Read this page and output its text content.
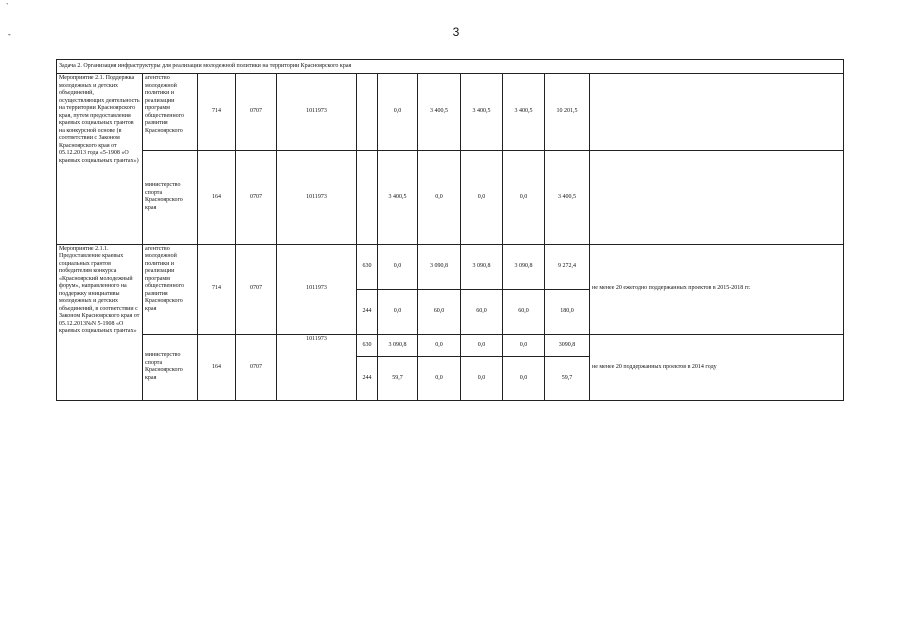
`
-	3
Задача 2. Организация инфраструктуры для реализации молодежной политики на территории Красноярского края											
Мероприятие 2.1. Поддержка молодежных и детских объединений, осуществляющих деятельность на территории Красноярского края, путем предоставления краевых социальных грантов на конкурсной основе (в соответствии с Законом Красноярского края от 05.12.2013 года «5-1908 «О краевых социальных грантах»)	агентство молодежной политики и реализации программ общественного развития Красноярского	714	0707	1011973		0,0	3 400,5	3 400,5	3 400,5	10 201,5	
	министерство спорта Красноярского края	164	0707	1011973		3 400,5	0,0	0,0	0,0	3 400,5	
Мероприятие 2.1.1. Предоставление краевых социальных грантов победителям конкурса «Красноярский молодежный форум», направленного на поддержку инициативы молодежных и детских объединений, в соответствии с Законом Красноярского края от 05.12.2013№N 5-1908 «О краевых социальных грантах»	агентство молодежной политики и реализации программ общественного развития Красноярского края	714	0707	1011973	630	0,0	3 090,8	3 090,8	3 090,8	9 272,4	не менее 20 ежегодно поддержанных проектов в 2015-2018 гг.
					244	0,0	60,0	60,0	60,0	180,0	
	министерство спорта Красноярского края	164	0707	1011973	630	3 090,8	0,0	0,0	0,0	3090,8	не менее 20 поддержанных проектов в 2014 году
					244	59,7	0,0	0,0	0,0	59,7	
